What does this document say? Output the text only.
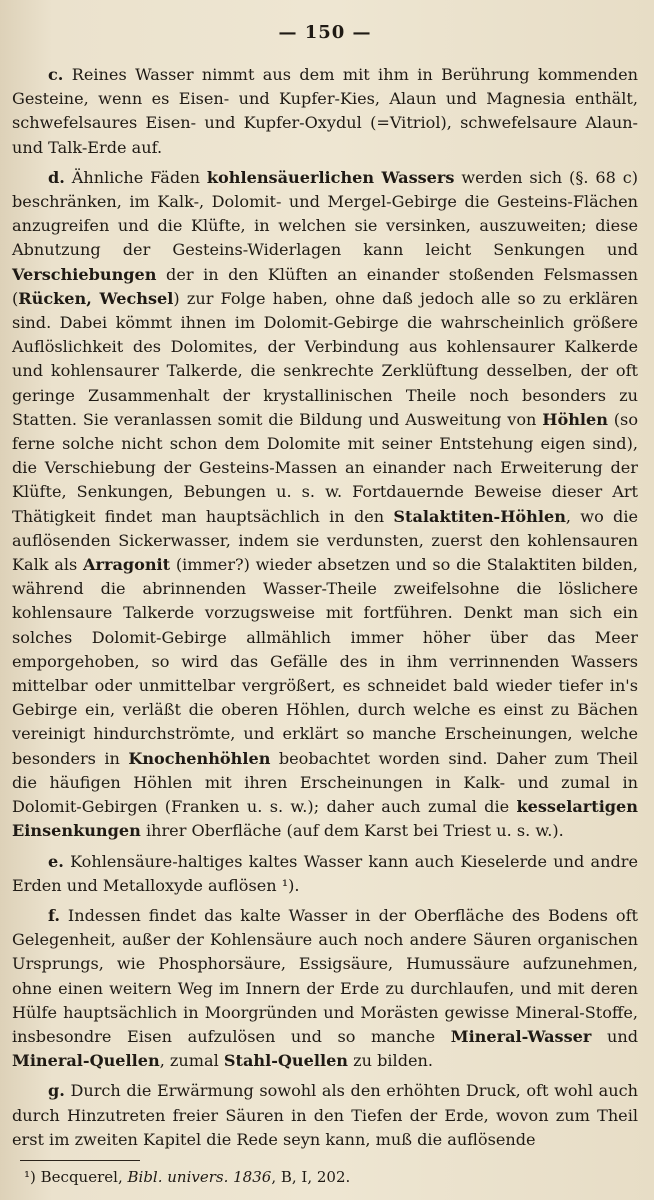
— 150 —

c. Reines Wasser nimmt aus dem mit ihm in Berührung kommenden Gesteine, wenn es Eisen- und Kupfer-Kies, Alaun und Magnesia enthält, schwefelsaures Eisen- und Kupfer-Oxydul (=Vitriol), schwefelsaure Alaun- und Talk-Erde auf.

d. Ähnliche Fäden kohlensäuerlichen Wassers werden sich (§. 68 c) beschränken, im Kalk-, Dolomit- und Mergel-Gebirge die Gesteins-Flächen anzugreifen und die Klüfte, in welchen sie versinken, auszuweiten; diese Abnutzung der Gesteins-Widerlagen kann leicht Senkungen und Verschiebungen der in den Klüften an einander stoßenden Felsmassen (Rücken, Wechsel) zur Folge haben, ohne daß jedoch alle so zu erklären sind. Dabei kömmt ihnen im Dolomit-Gebirge die wahrscheinlich größere Auflöslichkeit des Dolomites, der Verbindung aus kohlensaurer Kalkerde und kohlensaurer Talkerde, die senkrechte Zerklüftung desselben, der oft geringe Zusammenhalt der krystallinischen Theile noch besonders zu Statten. Sie veranlassen somit die Bildung und Ausweitung von Höhlen (so ferne solche nicht schon dem Dolomite mit seiner Entstehung eigen sind), die Verschiebung der Gesteins-Massen an einander nach Erweiterung der Klüfte, Senkungen, Bebungen u. s. w. Fortdauernde Beweise dieser Art Thätigkeit findet man hauptsächlich in den Stalaktiten-Höhlen, wo die auflösenden Sickerwasser, indem sie verdunsten, zuerst den kohlensauren Kalk als Arragonit (immer?) wieder absetzen und so die Stalaktiten bilden, während die abrinnenden Wasser-Theile zweifelsohne die löslichere kohlensaure Talkerde vorzugsweise mit fortführen. Denkt man sich ein solches Dolomit-Gebirge allmählich immer höher über das Meer emporgehoben, so wird das Gefälle des in ihm verrinnenden Wassers mittelbar oder unmittelbar vergrößert, es schneidet bald wieder tiefer in's Gebirge ein, verläßt die oberen Höhlen, durch welche es einst zu Bächen vereinigt hindurchströmte, und erklärt so manche Erscheinungen, welche besonders in Knochenhöhlen beobachtet worden sind. Daher zum Theil die häufigen Höhlen mit ihren Erscheinungen in Kalk- und zumal in Dolomit-Gebirgen (Franken u. s. w.); daher auch zumal die kesselartigen Einsenkungen ihrer Oberfläche (auf dem Karst bei Triest u. s. w.).

e. Kohlensäure-haltiges kaltes Wasser kann auch Kieselerde und andre Erden und Metalloxyde auflösen ¹).

f. Indessen findet das kalte Wasser in der Oberfläche des Bodens oft Gelegenheit, außer der Kohlensäure auch noch andere Säuren organischen Ursprungs, wie Phosphorsäure, Essigsäure, Humussäure aufzunehmen, ohne einen weitern Weg im Innern der Erde zu durchlaufen, und mit deren Hülfe hauptsächlich in Moorgründen und Morästen gewisse Mineral-Stoffe, insbesondre Eisen aufzulösen und so manche Mineral-Wasser und Mineral-Quellen, zumal Stahl-Quellen zu bilden.

g. Durch die Erwärmung sowohl als den erhöhten Druck, oft wohl auch durch Hinzutreten freier Säuren in den Tiefen der Erde, wovon zum Theil erst im zweiten Kapitel die Rede seyn kann, muß die auflösende

¹) Becquerel, Bibl. univers. 1836, B, I, 202.
